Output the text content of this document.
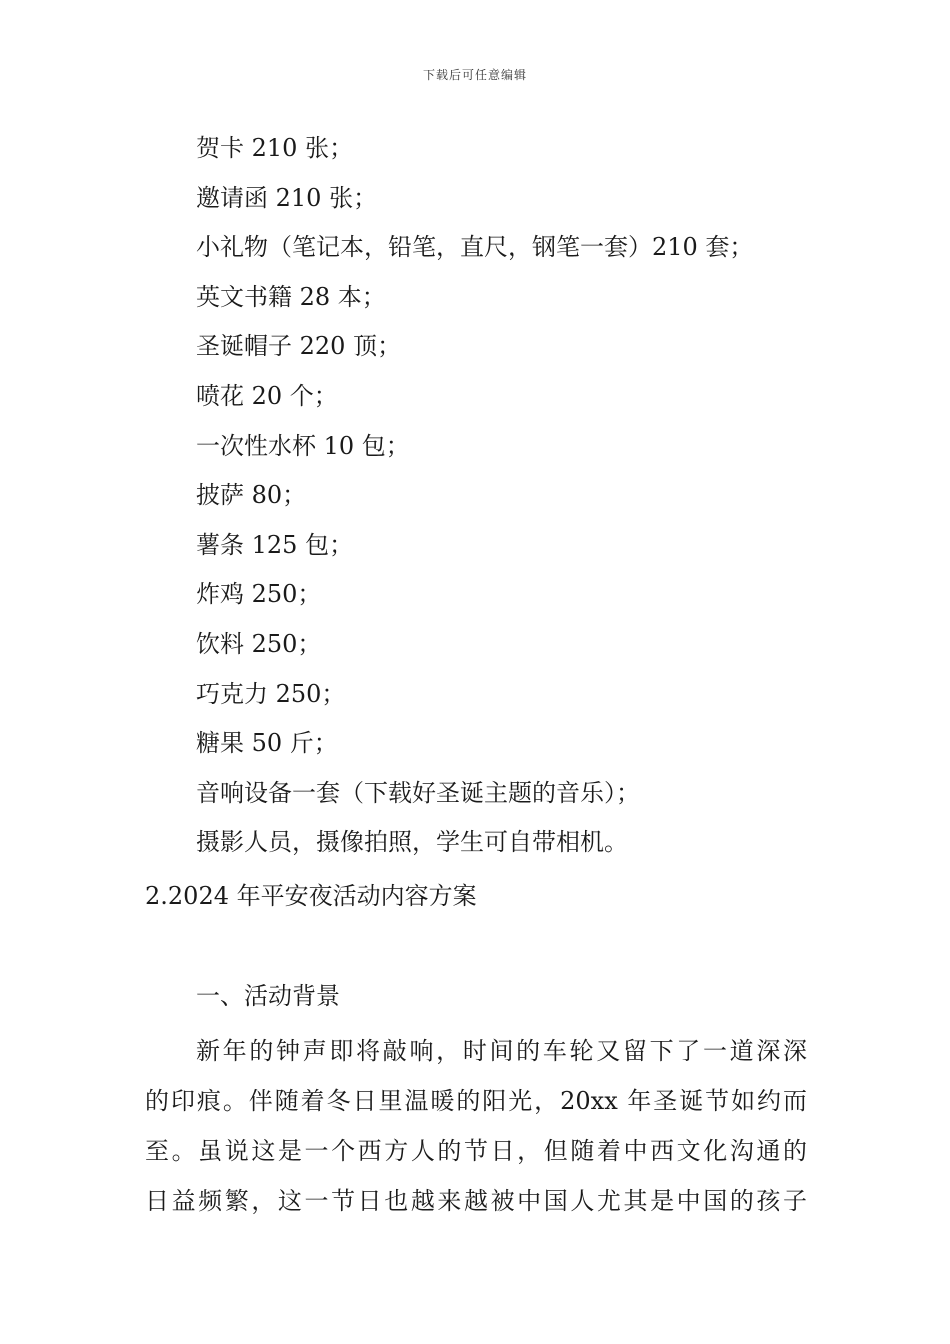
下载后可任意编辑
贺卡 210 张；
邀请函 210 张；
小礼物（笔记本，铅笔，直尺，钢笔一套）210 套；
英文书籍 28 本；
圣诞帽子 220 顶；
喷花 20 个；
一次性水杯 10 包；
披萨 80；
薯条 125 包；
炸鸡 250；
饮料 250；
巧克力 250；
糖果 50 斤；
音响设备一套（下载好圣诞主题的音乐）；
摄影人员，摄像拍照，学生可自带相机。
2.2024 年平安夜活动内容方案
一、活动背景
新年的钟声即将敲响，时间的车轮又留下了一道深深
的印痕。伴随着冬日里温暖的阳光，20xx 年圣诞节如约而
至。虽说这是一个西方人的节日，但随着中西文化沟通的
日益频繁，这一节日也越来越被中国人尤其是中国的孩子
